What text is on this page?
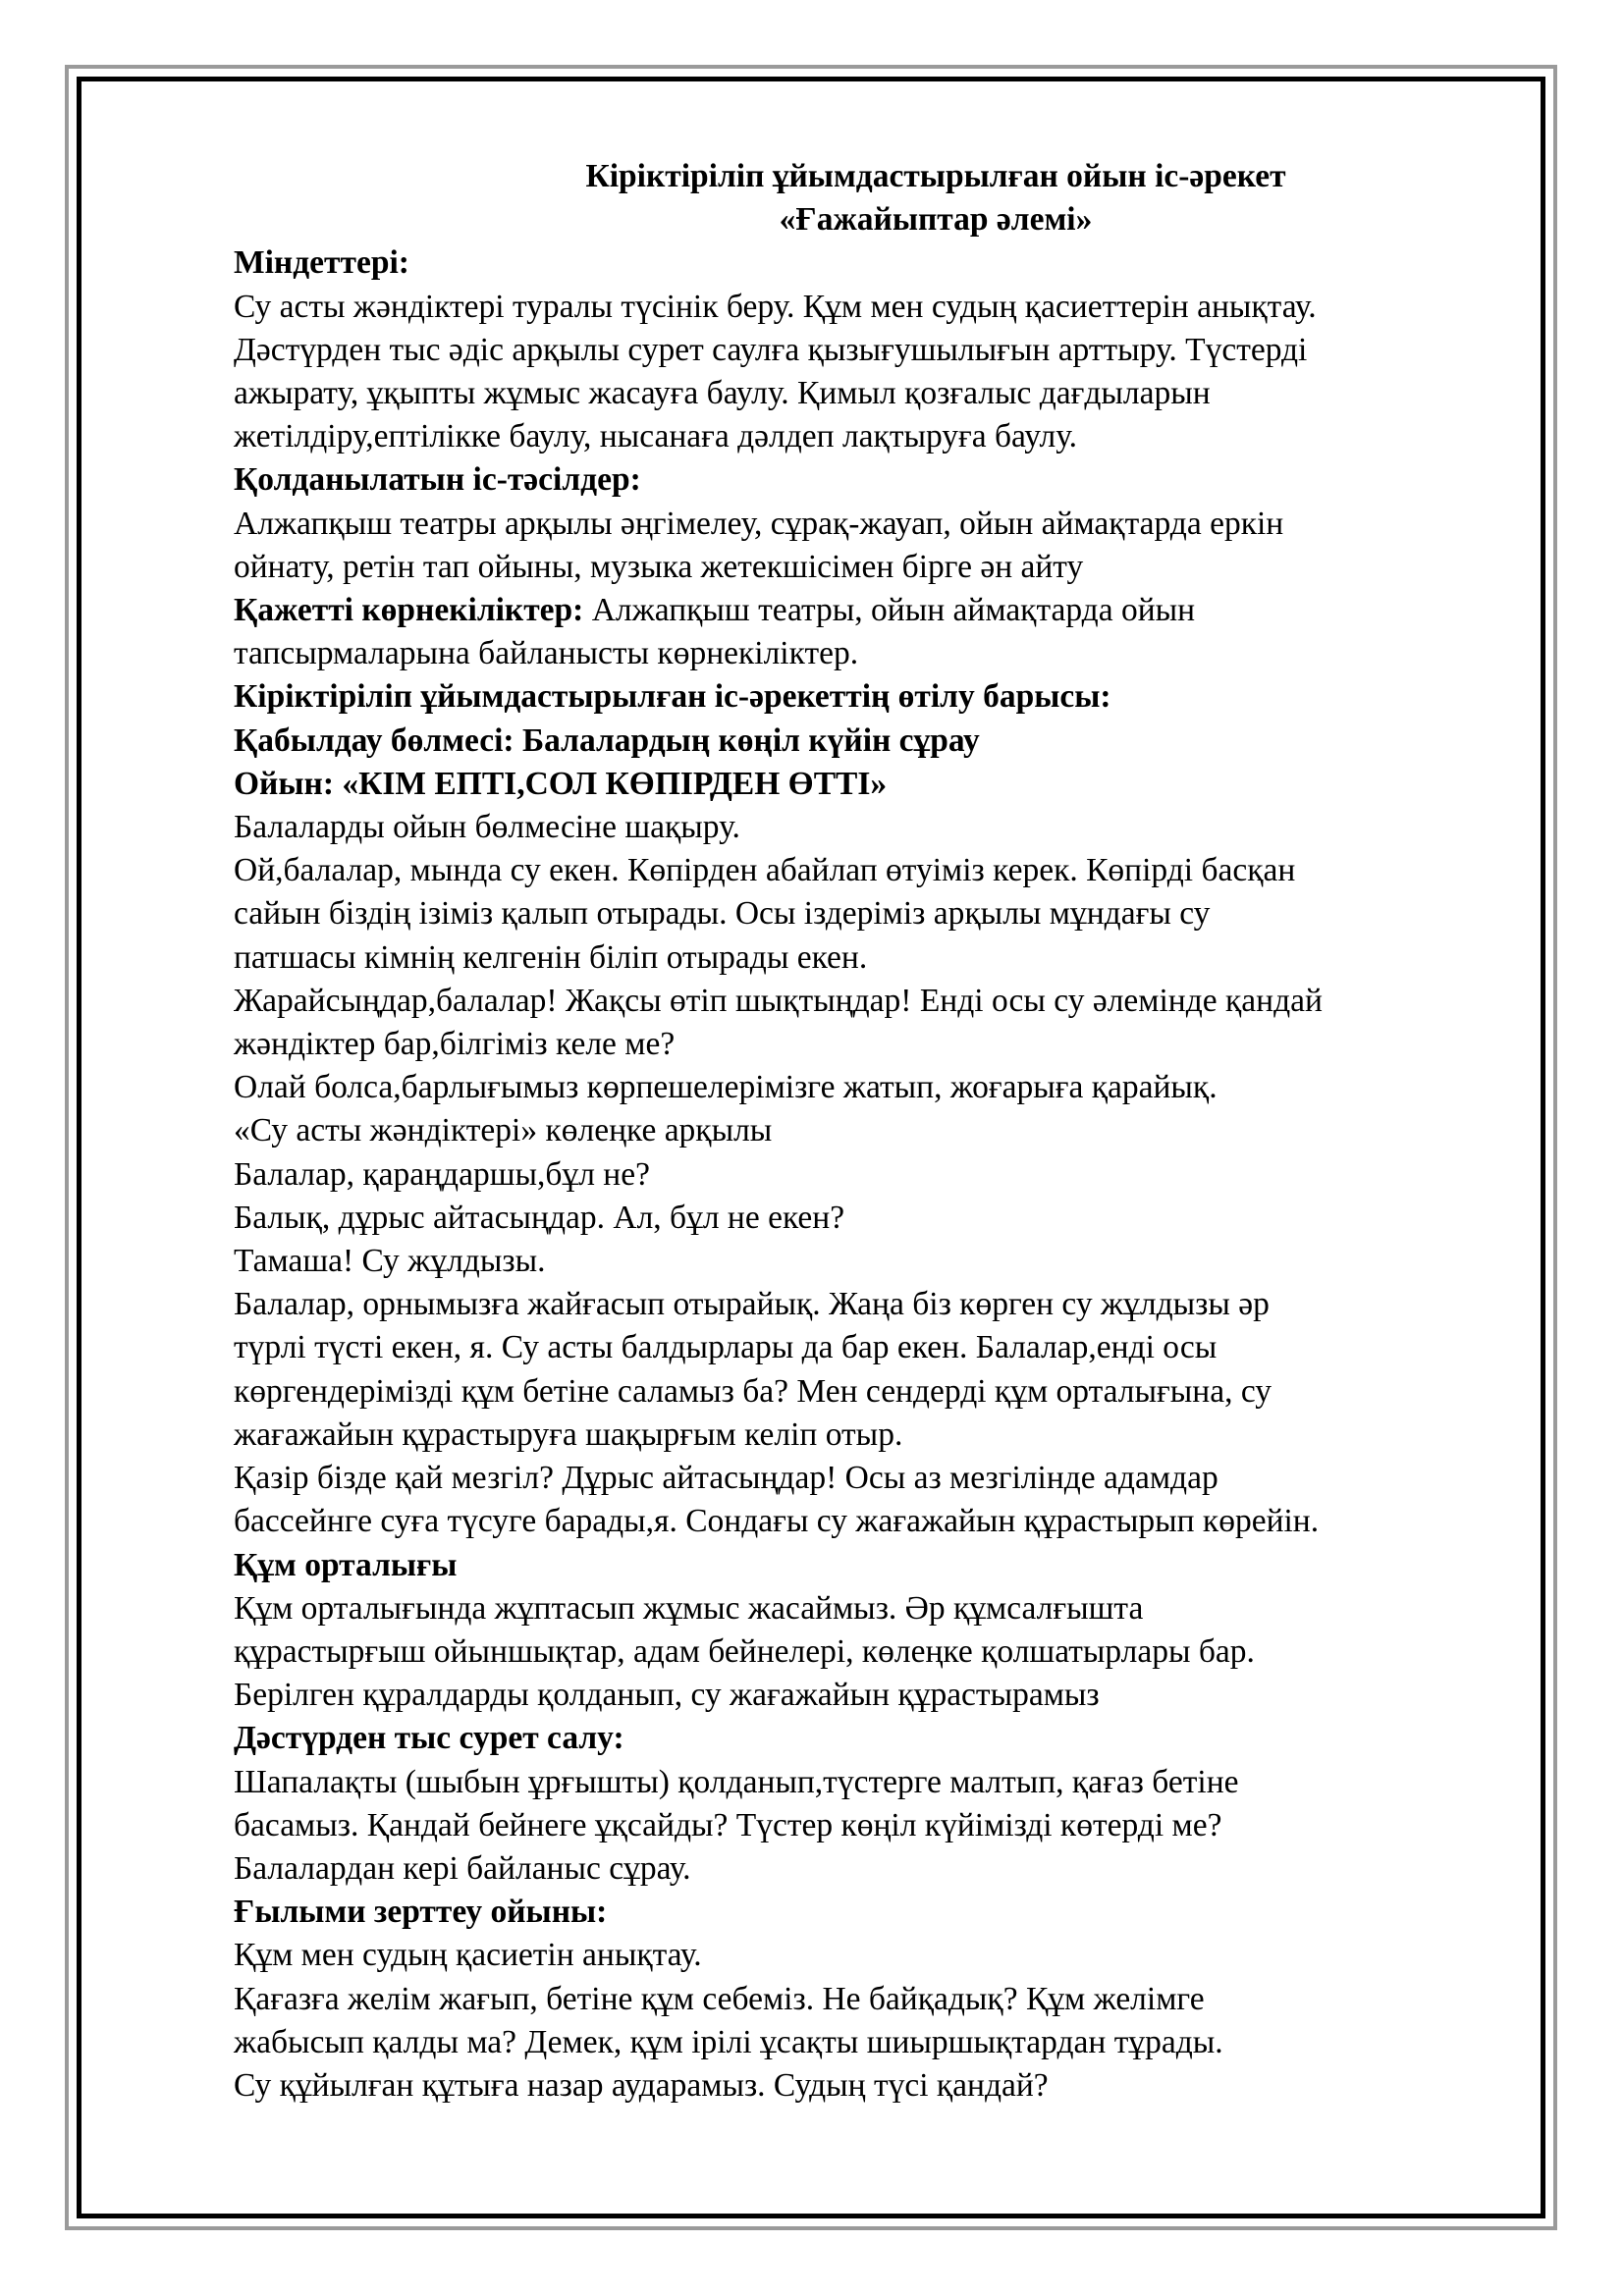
Кіріктіріліп ұйымдастырылған ойын іс-әрекет

«Ғажайыптар әлемі»

Міндеттері:

Су асты жәндіктері туралы түсінік беру. Құм мен судың қасиеттерін анықтау.

Дәстүрден тыс әдіс арқылы сурет саулға қызығушылығын арттыру. Түстерді

ажырату, ұқыпты жұмыс жасауға баулу. Қимыл қозғалыс дағдыларын

жетілдіру,ептілікке баулу, нысанаға дәлдеп лақтыруға баулу.

Қолданылатын іс-тәсілдер:

Алжапқыш театры арқылы әңгімелеу, сұрақ-жауап, ойын аймақтарда еркін

ойнату, ретін тап ойыны, музыка жетекшісімен бірге ән айту

Қажетті көрнекіліктер: Алжапқыш театры, ойын аймақтарда ойын

тапсырмаларына байланысты көрнекіліктер.

Кіріктіріліп ұйымдастырылған іс-әрекеттің өтілу барысы:

Қабылдау бөлмесі: Балалардың көңіл күйін сұрау

Ойын: «КІМ ЕПТІ,СОЛ КӨПІРДЕН ӨТТІ»

Балаларды ойын бөлмесіне шақыру.

Ой,балалар, мында су екен. Көпірден абайлап өтуіміз керек. Көпірді басқан

сайын біздің ізіміз қалып отырады. Осы іздеріміз арқылы мұндағы су

патшасы кімнің келгенін біліп отырады екен.

Жарайсыңдар,балалар! Жақсы өтіп шықтыңдар! Енді осы су әлемінде қандай

жәндіктер бар,білгіміз келе ме?

Олай болса,барлығымыз көрпешелерімізге жатып, жоғарыға қарайық.

«Су асты жәндіктері» көлеңке арқылы

Балалар, қараңдаршы,бұл не?

Балық, дұрыс айтасыңдар. Ал, бұл не екен?

Тамаша! Су жұлдызы.

Балалар, орнымызға жайғасып отырайық. Жаңа біз көрген су жұлдызы әр

түрлі түсті екен, я. Су асты балдырлары да бар екен. Балалар,енді осы

көргендерімізді құм бетіне саламыз ба? Мен сендерді құм орталығына, су

жағажайын құрастыруға шақырғым келіп отыр.

Қазір бізде қай мезгіл? Дұрыс айтасыңдар! Осы аз мезгілінде адамдар

бассейнге суға түсуге барады,я. Сондағы су жағажайын құрастырып көрейін.

Құм орталығы

Құм орталығында жұптасып жұмыс жасаймыз. Әр құмсалғышта

құрастырғыш ойыншықтар, адам бейнелері, көлеңке қолшатырлары бар.

Берілген құралдарды қолданып, су жағажайын құрастырамыз

Дәстүрден тыс сурет салу:

Шапалақты (шыбын ұрғышты) қолданып,түстерге малтып, қағаз бетіне

басамыз. Қандай бейнеге ұқсайды? Түстер көңіл күйімізді көтерді ме?

Балалардан кері байланыс сұрау.

Ғылыми зерттеу ойыны:

Құм мен судың қасиетін анықтау.

Қағазға желім жағып, бетіне құм себеміз. Не байқадық? Құм желімге

жабысып қалды ма? Демек, құм ірілі ұсақты шиыршықтардан тұрады.

Су құйылған құтыға назар аударамыз. Судың түсі қандай?
